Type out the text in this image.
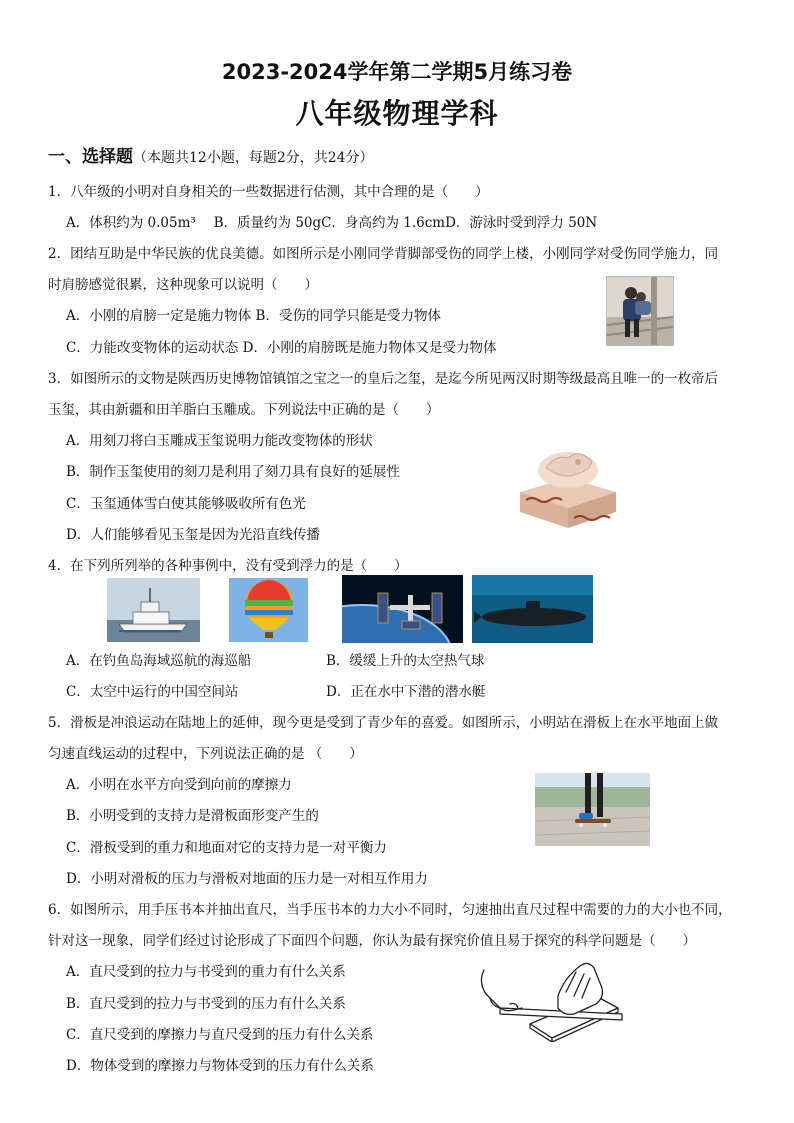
2023-2024学年第二学期5月练习卷
八年级物理学科
一、选择题（本题共12小题，每题2分，共24分）
1．八年级的小明对自身相关的一些数据进行估测，其中合理的是（　　）
A．体积约为 0.05m³　 B．质量约为 50gC．身高约为 1.6cmD．游泳时受到浮力 50N
2．团结互助是中华民族的优良美德。如图所示是小刚同学背脚部受伤的同学上楼，小刚同学对受伤同学施力，同
时肩膀感觉很累，这种现象可以说明（　　）
A．小刚的肩膀一定是施力物体 B．受伤的同学只能是受力物体
C．力能改变物体的运动状态 D．小刚的肩膀既是施力物体又是受力物体
3．如图所示的文物是陕西历史博物馆镇馆之宝之一的皇后之玺，是迄今所见两汉时期等级最高且唯一的一枚帝后
玉玺，其由新疆和田羊脂白玉雕成。下列说法中正确的是（　　）
A．用刻刀将白玉雕成玉玺说明力能改变物体的形状
B．制作玉玺使用的刻刀是利用了刻刀具有良好的延展性
C．玉玺通体雪白使其能够吸收所有色光
D．人们能够看见玉玺是因为光沿直线传播
4．在下列所列举的各种事例中，没有受到浮力的是（　　）
A．在钓鱼岛海域巡航的海巡船	B．缓缓上升的太空热气球
C．太空中运行的中国空间站	D．正在水中下潜的潜水艇
5．滑板是冲浪运动在陆地上的延伸，现今更是受到了青少年的喜爱。如图所示，小明站在滑板上在水平地面上做
匀速直线运动的过程中，下列说法正确的是 （　　）
A．小明在水平方向受到向前的摩擦力
B．小明受到的支持力是滑板面形变产生的
C．滑板受到的重力和地面对它的支持力是一对平衡力
D．小明对滑板的压力与滑板对地面的压力是一对相互作用力
6．如图所示，用手压书本并抽出直尺，当手压书本的力大小不同时，匀速抽出直尺过程中需要的力的大小也不同，
针对这一现象，同学们经过讨论形成了下面四个问题，你认为最有探究价值且易于探究的科学问题是（　　）
A．直尺受到的拉力与书受到的重力有什么关系
B．直尺受到的拉力与书受到的压力有什么关系
C．直尺受到的摩擦力与直尺受到的压力有什么关系
D．物体受到的摩擦力与物体受到的压力有什么关系
